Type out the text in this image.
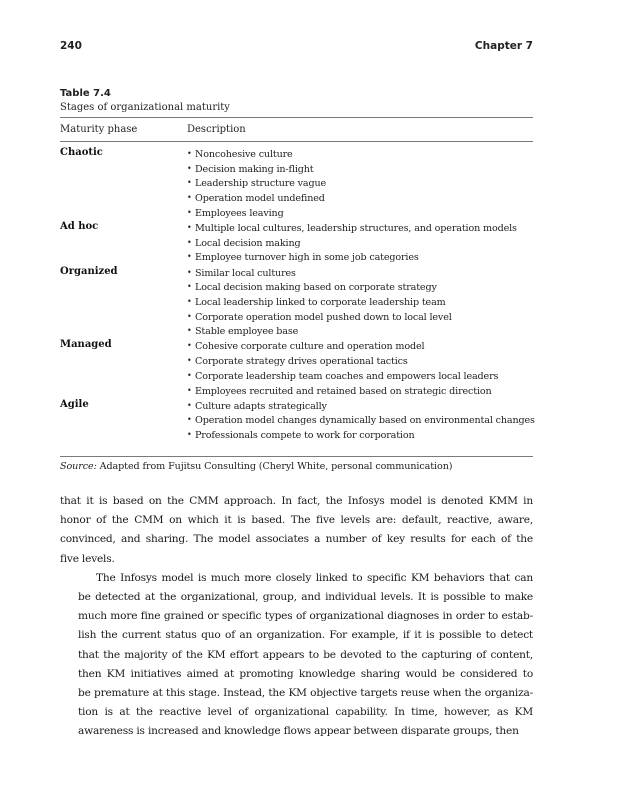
240	Chapter 7
Table 7.4
Stages of organizational maturity
Maturity phase	Description
Chaotic	• Noncohesive culture
• Decision making in-flight
• Leadership structure vague
• Operation model undefined
• Employees leaving
Ad hoc	• Multiple local cultures, leadership structures, and operation models
• Local decision making
• Employee turnover high in some job categories
Organized	• Similar local cultures
• Local decision making based on corporate strategy
• Local leadership linked to corporate leadership team
• Corporate operation model pushed down to local level
• Stable employee base
Managed	• Cohesive corporate culture and operation model
• Corporate strategy drives operational tactics
• Corporate leadership team coaches and empowers local leaders
• Employees recruited and retained based on strategic direction
Agile	• Culture adapts strategically
• Operation model changes dynamically based on environmental changes
• Professionals compete to work for corporation
Source: Adapted from Fujitsu Consulting (Cheryl White, personal communication)

that it is based on the CMM approach. In fact, the Infosys model is denoted KMM in
honor of the CMM on which it is based. The five levels are: default, reactive, aware,
convinced, and sharing. The model associates a number of key results for each of the
five levels.

The Infosys model is much more closely linked to specific KM behaviors that can
be detected at the organizational, group, and individual levels. It is possible to make
much more fine grained or specific types of organizational diagnoses in order to estab-
lish the current status quo of an organization. For example, if it is possible to detect
that the majority of the KM effort appears to be devoted to the capturing of content,
then KM initiatives aimed at promoting knowledge sharing would be considered to
be premature at this stage. Instead, the KM objective targets reuse when the organiza-
tion is at the reactive level of organizational capability. In time, however, as KM
awareness is increased and knowledge flows appear between disparate groups, then
